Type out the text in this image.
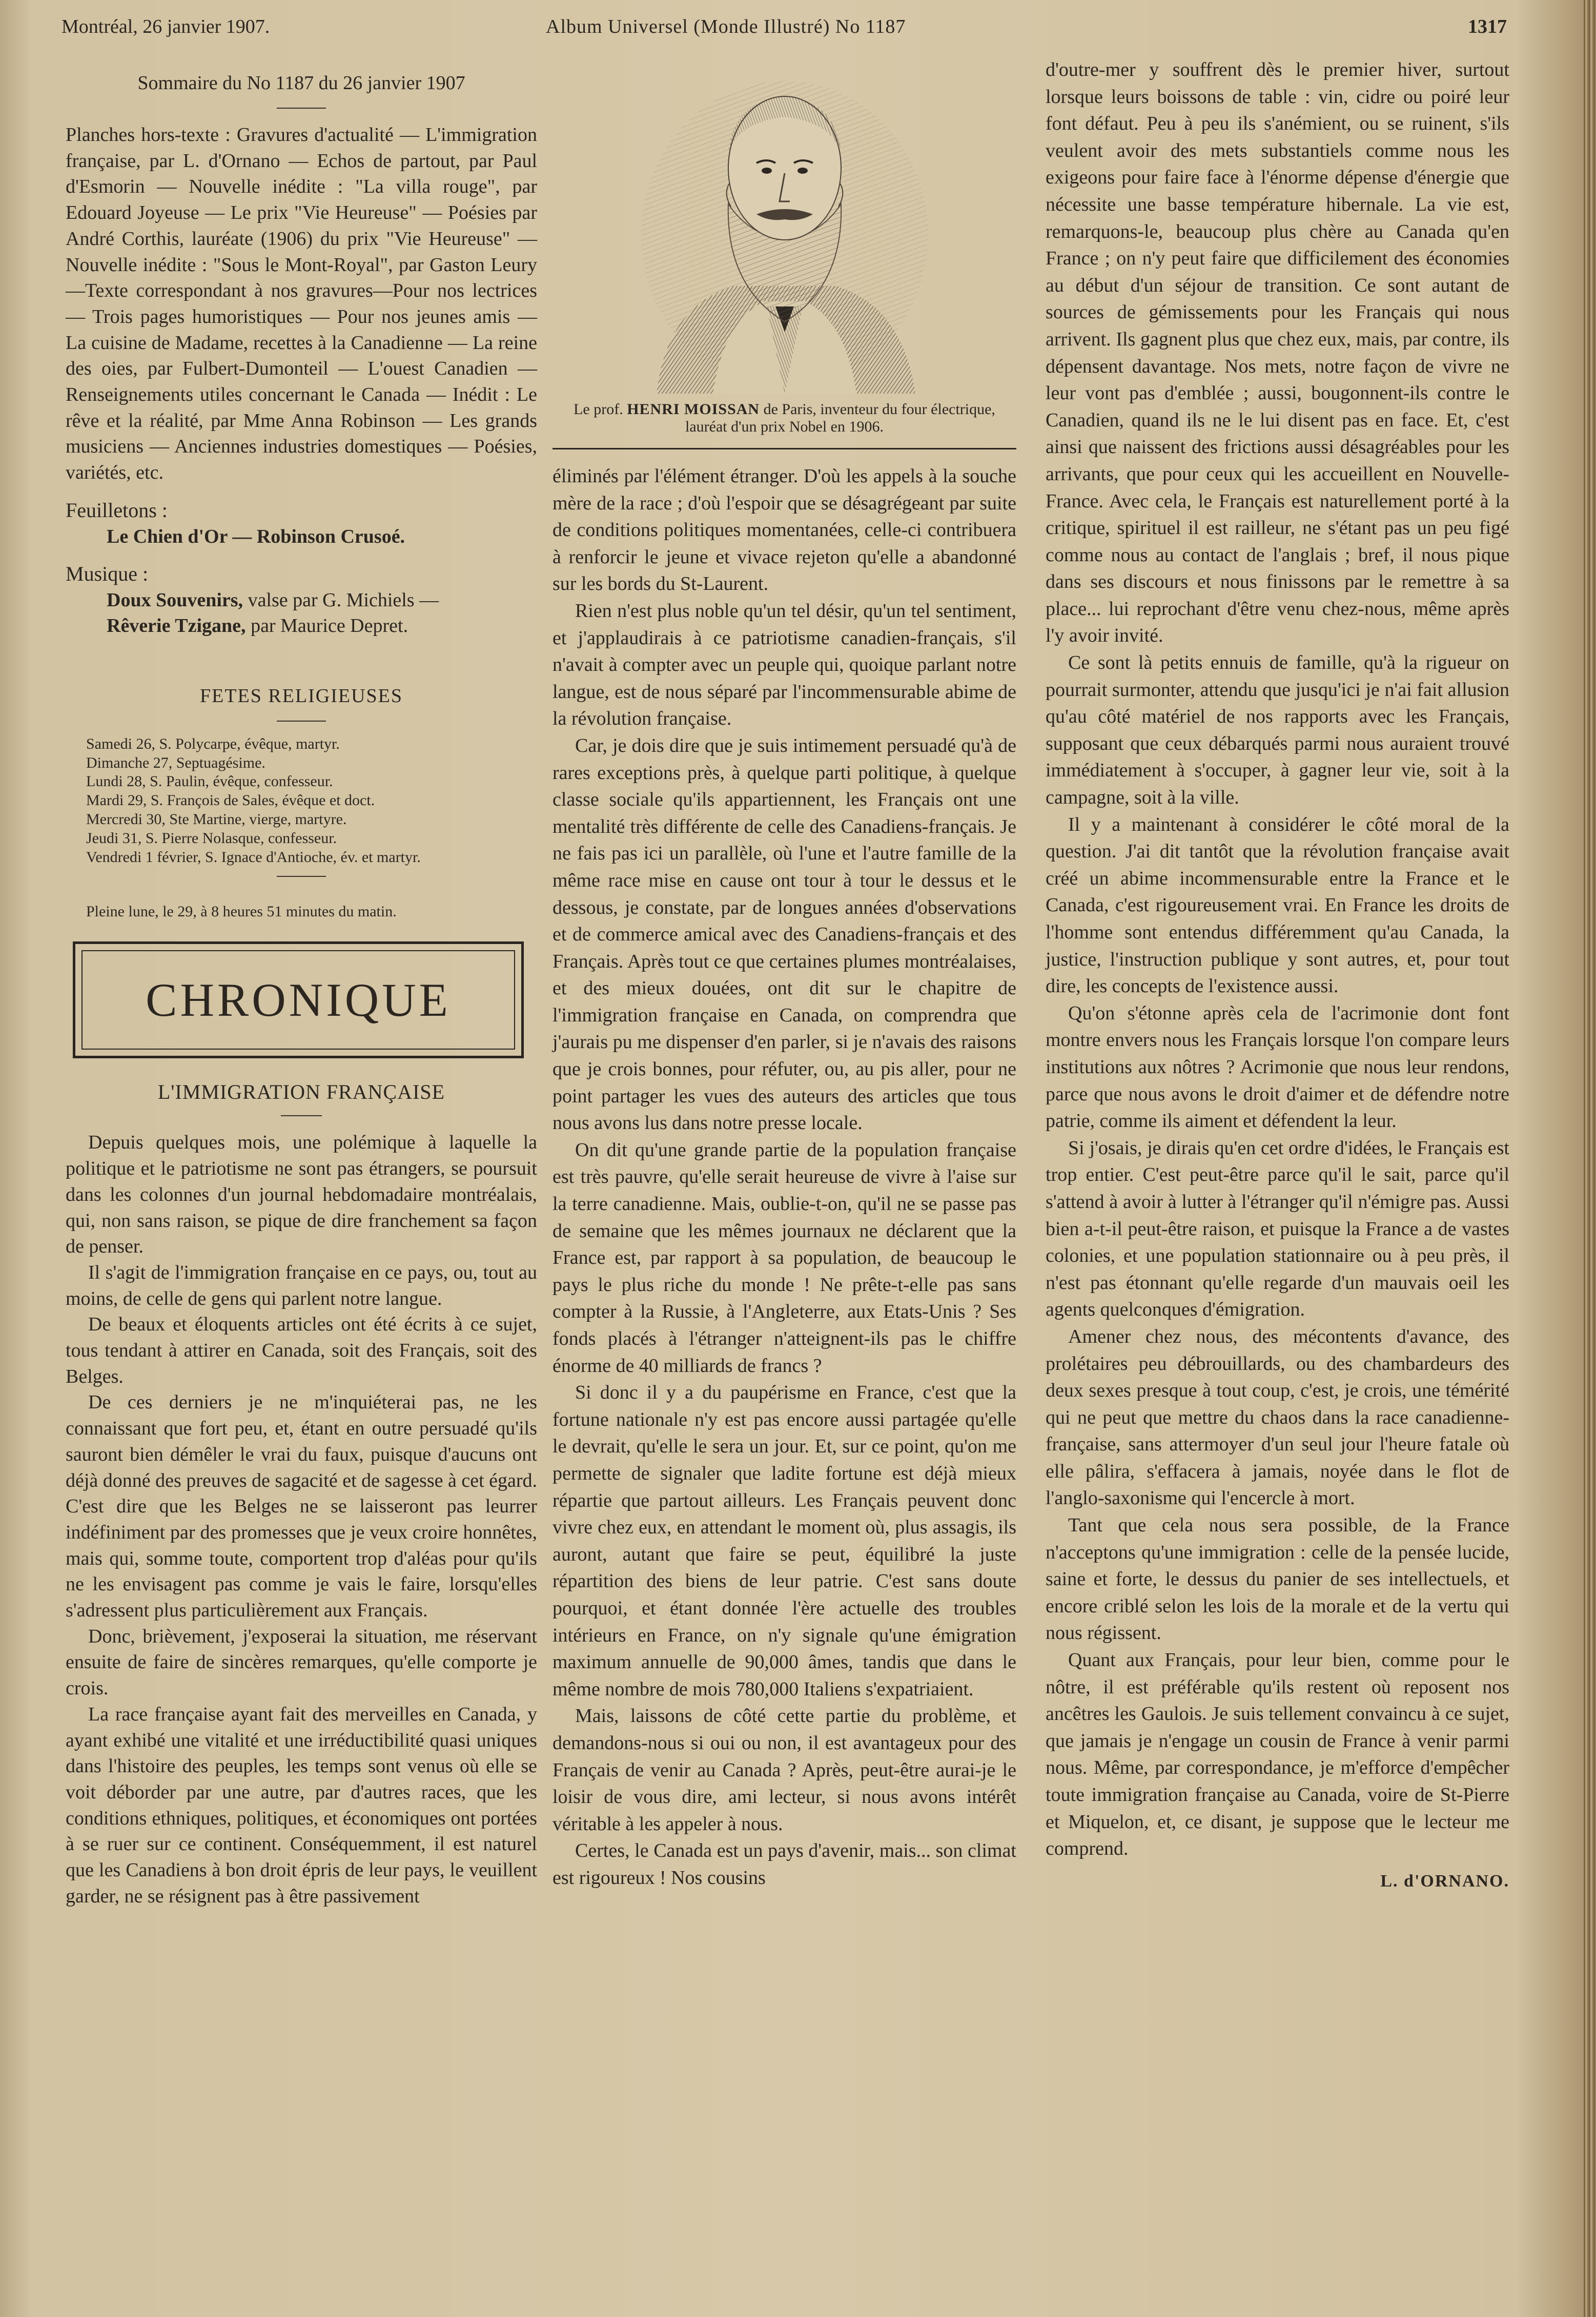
Montréal, 26 janvier 1907.	Album Universel (Monde Illustré) No 1187	1317
Sommaire du No 1187 du 26 janvier 1907

Planches hors-texte : Gravures d'actualité — L'immigration française, par L. d'Ornano — Echos de partout, par Paul d'Esmorin — Nouvelle inédite : "La villa rouge", par Edouard Joyeuse — Le prix "Vie Heureuse" — Poésies par André Corthis, lauréate (1906) du prix "Vie Heureuse" — Nouvelle inédite : "Sous le Mont-Royal", par Gaston Leury—Texte correspondant à nos gravures—Pour nos lectrices— Trois pages humoristiques — Pour nos jeunes amis — La cuisine de Madame, recettes à la Canadienne — La reine des oies, par Fulbert-Dumonteil — L'ouest Canadien — Renseignements utiles concernant le Canada — Inédit : Le rêve et la réalité, par Mme Anna Robinson — Les grands musiciens — Anciennes industries domestiques — Poésies, variétés, etc.

Feuilletons :
Le Chien d'Or — Robinson Crusoé.
Musique :
Doux Souvenirs, valse par G. Michiels —
Rêverie Tzigane, par Maurice Depret.
FETES RELIGIEUSES
Samedi 26, S. Polycarpe, évêque, martyr.
Dimanche 27, Septuagésime.
Lundi 28, S. Paulin, évêque, confesseur.
Mardi 29, S. François de Sales, évêque et doct.
Mercredi 30, Ste Martine, vierge, martyre.
Jeudi 31, S. Pierre Nolasque, confesseur.
Vendredi 1 février, S. Ignace d'Antioche, év. et martyr.
Pleine lune, le 29, à 8 heures 51 minutes du matin.
CHRONIQUE
L'IMMIGRATION FRANÇAISE

Depuis quelques mois, une polémique à laquelle la politique et le patriotisme ne sont pas étrangers, se poursuit dans les colonnes d'un journal hebdomadaire montréalais, qui, non sans raison, se pique de dire franchement sa façon de penser.

Il s'agit de l'immigration française en ce pays, ou, tout au moins, de celle de gens qui parlent notre langue.

De beaux et éloquents articles ont été écrits à ce sujet, tous tendant à attirer en Canada, soit des Français, soit des Belges.

De ces derniers je ne m'inquiéterai pas, ne les connaissant que fort peu, et, étant en outre persuadé qu'ils sauront bien démêler le vrai du faux, puisque d'aucuns ont déjà donné des preuves de sagacité et de sagesse à cet égard. C'est dire que les Belges ne se laisseront pas leurrer indéfiniment par des promesses que je veux croire honnêtes, mais qui, somme toute, comportent trop d'aléas pour qu'ils ne les envisagent pas comme je vais le faire, lorsqu'elles s'adressent plus particulièrement aux Français.

Donc, brièvement, j'exposerai la situation, me réservant ensuite de faire de sincères remarques, qu'elle comporte je crois.

La race française ayant fait des merveilles en Canada, y ayant exhibé une vitalité et une irréductibilité quasi uniques dans l'histoire des peuples, les temps sont venus où elle se voit déborder par une autre, par d'autres races, que les conditions ethniques, politiques, et économiques ont portées à se ruer sur ce continent. Conséquemment, il est naturel que les Canadiens à bon droit épris de leur pays, le veuillent garder, ne se résignent pas à être passivement

Le prof. HENRI MOISSAN de Paris, inventeur du four électrique, lauréat d'un prix Nobel en 1906.

éliminés par l'élément étranger. D'où les appels à la souche mère de la race ; d'où l'espoir que se désagrégeant par suite de conditions politiques momentanées, celle-ci contribuera à renforcir le jeune et vivace rejeton qu'elle a abandonné sur les bords du St-Laurent.

Rien n'est plus noble qu'un tel désir, qu'un tel sentiment, et j'applaudirais à ce patriotisme canadien-français, s'il n'avait à compter avec un peuple qui, quoique parlant notre langue, est de nous séparé par l'incommensurable abime de la révolution française.

Car, je dois dire que je suis intimement persuadé qu'à de rares exceptions près, à quelque parti politique, à quelque classe sociale qu'ils appartiennent, les Français ont une mentalité très différente de celle des Canadiens-français. Je ne fais pas ici un parallèle, où l'une et l'autre famille de la même race mise en cause ont tour à tour le dessus et le dessous, je constate, par de longues années d'observations et de commerce amical avec des Canadiens-français et des Français. Après tout ce que certaines plumes montréalaises, et des mieux douées, ont dit sur le chapitre de l'immigration française en Canada, on comprendra que j'aurais pu me dispenser d'en parler, si je n'avais des raisons que je crois bonnes, pour réfuter, ou, au pis aller, pour ne point partager les vues des auteurs des articles que tous nous avons lus dans notre presse locale.

On dit qu'une grande partie de la population française est très pauvre, qu'elle serait heureuse de vivre à l'aise sur la terre canadienne. Mais, oublie-t-on, qu'il ne se passe pas de semaine que les mêmes journaux ne déclarent que la France est, par rapport à sa population, de beaucoup le pays le plus riche du monde ! Ne prête-t-elle pas sans compter à la Russie, à l'Angleterre, aux Etats-Unis ? Ses fonds placés à l'étranger n'atteignent-ils pas le chiffre énorme de 40 milliards de francs ?

Si donc il y a du paupérisme en France, c'est que la fortune nationale n'y est pas encore aussi partagée qu'elle le devrait, qu'elle le sera un jour. Et, sur ce point, qu'on me permette de signaler que ladite fortune est déjà mieux répartie que partout ailleurs. Les Français peuvent donc vivre chez eux, en attendant le moment où, plus assagis, ils auront, autant que faire se peut, équilibré la juste répartition des biens de leur patrie. C'est sans doute pourquoi, et étant donnée l'ère actuelle des troubles intérieurs en France, on n'y signale qu'une émigration maximum annuelle de 90,000 âmes, tandis que dans le même nombre de mois 780,000 Italiens s'expatriaient.

Mais, laissons de côté cette partie du problème, et demandons-nous si oui ou non, il est avantageux pour des Français de venir au Canada ? Après, peut-être aurai-je le loisir de vous dire, ami lecteur, si nous avons intérêt véritable à les appeler à nous.

Certes, le Canada est un pays d'avenir, mais... son climat est rigoureux ! Nos cousins

d'outre-mer y souffrent dès le premier hiver, surtout lorsque leurs boissons de table : vin, cidre ou poiré leur font défaut. Peu à peu ils s'anémient, ou se ruinent, s'ils veulent avoir des mets substantiels comme nous les exigeons pour faire face à l'énorme dépense d'énergie que nécessite une basse température hibernale. La vie est, remarquons-le, beaucoup plus chère au Canada qu'en France ; on n'y peut faire que difficilement des économies au début d'un séjour de transition. Ce sont autant de sources de gémissements pour les Français qui nous arrivent. Ils gagnent plus que chez eux, mais, par contre, ils dépensent davantage. Nos mets, notre façon de vivre ne leur vont pas d'emblée ; aussi, bougonnent-ils contre le Canadien, quand ils ne le lui disent pas en face. Et, c'est ainsi que naissent des frictions aussi désagréables pour les arrivants, que pour ceux qui les accueillent en Nouvelle-France. Avec cela, le Français est naturellement porté à la critique, spirituel il est railleur, ne s'étant pas un peu figé comme nous au contact de l'anglais ; bref, il nous pique dans ses discours et nous finissons par le remettre à sa place... lui reprochant d'être venu chez-nous, même après l'y avoir invité.

Ce sont là petits ennuis de famille, qu'à la rigueur on pourrait surmonter, attendu que jusqu'ici je n'ai fait allusion qu'au côté matériel de nos rapports avec les Français, supposant que ceux débarqués parmi nous auraient trouvé immédiatement à s'occuper, à gagner leur vie, soit à la campagne, soit à la ville.

Il y a maintenant à considérer le côté moral de la question. J'ai dit tantôt que la révolution française avait créé un abime incommensurable entre la France et le Canada, c'est rigoureusement vrai. En France les droits de l'homme sont entendus différemment qu'au Canada, la justice, l'instruction publique y sont autres, et, pour tout dire, les concepts de l'existence aussi.

Qu'on s'étonne après cela de l'acrimonie dont font montre envers nous les Français lorsque l'on compare leurs institutions aux nôtres ? Acrimonie que nous leur rendons, parce que nous avons le droit d'aimer et de défendre notre patrie, comme ils aiment et défendent la leur.

Si j'osais, je dirais qu'en cet ordre d'idées, le Français est trop entier. C'est peut-être parce qu'il le sait, parce qu'il s'attend à avoir à lutter à l'étranger qu'il n'émigre pas. Aussi bien a-t-il peut-être raison, et puisque la France a de vastes colonies, et une population stationnaire ou à peu près, il n'est pas étonnant qu'elle regarde d'un mauvais oeil les agents quelconques d'émigration.

Amener chez nous, des mécontents d'avance, des prolétaires peu débrouillards, ou des chambardeurs des deux sexes presque à tout coup, c'est, je crois, une témérité qui ne peut que mettre du chaos dans la race canadienne-française, sans attermoyer d'un seul jour l'heure fatale où elle pâlira, s'effacera à jamais, noyée dans le flot de l'anglo-saxonisme qui l'encercle à mort.

Tant que cela nous sera possible, de la France n'acceptons qu'une immigration : celle de la pensée lucide, saine et forte, le dessus du panier de ses intellectuels, et encore criblé selon les lois de la morale et de la vertu qui nous régissent.

Quant aux Français, pour leur bien, comme pour le nôtre, il est préférable qu'ils restent où reposent nos ancêtres les Gaulois. Je suis tellement convaincu à ce sujet, que jamais je n'engage un cousin de France à venir parmi nous. Même, par correspondance, je m'efforce d'empêcher toute immigration française au Canada, voire de St-Pierre et Miquelon, et, ce disant, je suppose que le lecteur me comprend.

L. d'ORNANO.
